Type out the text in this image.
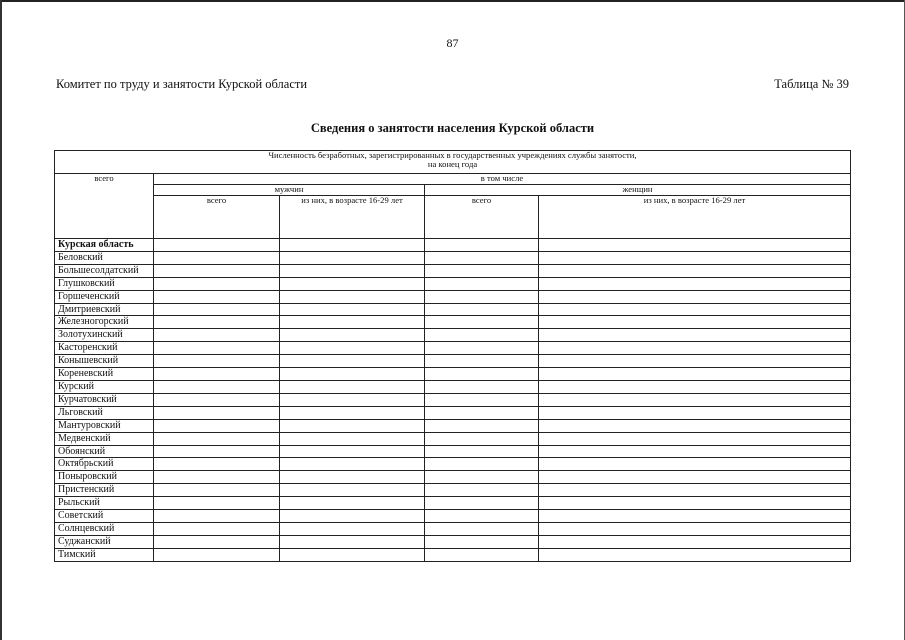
87
Комитет по труду и занятости Курской области	Таблица № 39
Сведения о занятости населения Курской области
Численность безработных, зарегистрированных в государственных учреждениях службы занятости,
на конец года				

всего	в том числе			
	мужчин		женщин	
	всего	из них, в возрасте 16-29 лет	всего	из них, в возрасте 16-29 лет
Курская область				
Беловский				
Большесолдатский				
Глушковский				
Горшеченский				
Дмитриевский				
Железногорский				
Золотухинский				
Касторенский				
Конышевский				
Кореневский				
Курский				
Курчатовский				
Льговский				
Мантуровский				
Медвенский				
Обоянский				
Октябрьский				
Поныровский				
Пристенский				
Рыльский				
Советский				
Солнцевский				
Суджанский				
Тимский				
